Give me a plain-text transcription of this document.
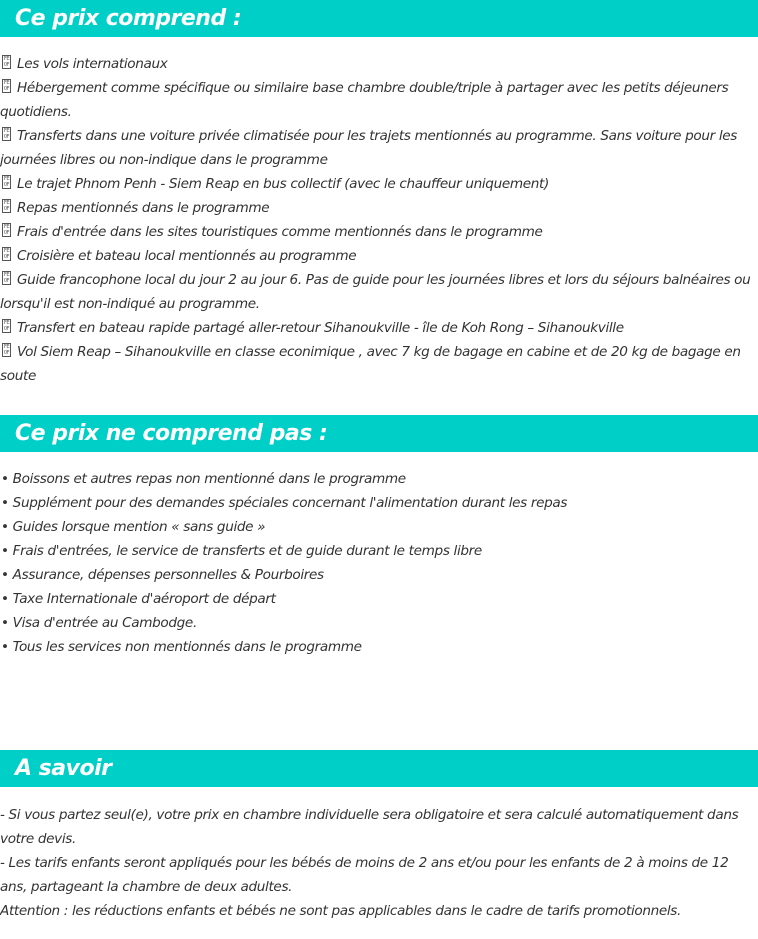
Ce prix comprend :
FE
0F Les vols internationaux
FE
0F Hébergement comme spécifique ou similaire base chambre double/triple à partager avec les petits déjeuners quotidiens.
FE
0F Transferts dans une voiture privée climatisée pour les trajets mentionnés au programme. Sans voiture pour les journées libres ou non-indique dans le programme
FE
0F Le trajet Phnom Penh - Siem Reap en bus collectif (avec le chauffeur uniquement)
FE
0F Repas mentionnés dans le programme
FE
0F Frais d'entrée dans les sites touristiques comme mentionnés dans le programme
FE
0F Croisière et bateau local mentionnés au programme
FE
0F Guide francophone local du jour 2 au jour 6. Pas de guide pour les journées libres et lors du séjours balnéaires ou lorsqu'il est non-indiqué au programme.
FE
0F Transfert en bateau rapide partagé aller-retour Sihanoukville - île de Koh Rong – Sihanoukville
FE
0F Vol Siem Reap – Sihanoukville en classe econimique , avec 7 kg de bagage en cabine et de 20 kg de bagage en soute
Ce prix ne comprend pas :
• Boissons et autres repas non mentionné dans le programme
• Supplément pour des demandes spéciales concernant l'alimentation durant les repas
• Guides lorsque mention « sans guide »
• Frais d'entrées, le service de transferts et de guide durant le temps libre
• Assurance, dépenses personnelles & Pourboires
• Taxe Internationale d'aéroport de départ
• Visa d'entrée au Cambodge.
• Tous les services non mentionnés dans le programme
A savoir

- Si vous partez seul(e), votre prix en chambre individuelle sera obligatoire et sera calculé automatiquement dans votre devis.

- Les tarifs enfants seront appliqués pour les bébés de moins de 2 ans et/ou pour les enfants de 2 à moins de 12 ans, partageant la chambre de deux adultes.

Attention : les réductions enfants et bébés ne sont pas applicables dans le cadre de tarifs promotionnels.
